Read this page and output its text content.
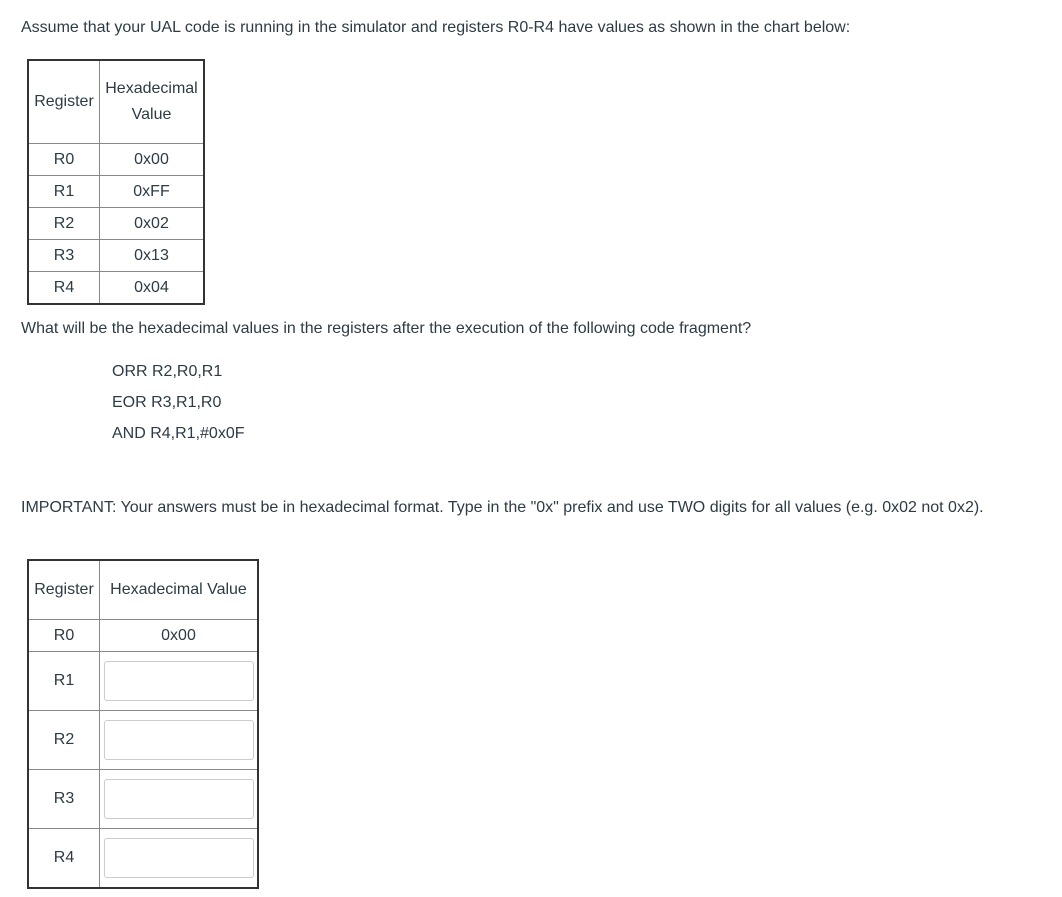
Assume that your UAL code is running in the simulator and registers R0-R4 have values as shown in the chart below:

Register	Hexadecimal Value
R0	0x00
R1	0xFF
R2	0x02
R3	0x13
R4	0x04

What will be the hexadecimal values in the registers after the execution of the following code fragment?

ORR R2,R0,R1
EOR R3,R1,R0
AND R4,R1,#0x0F

IMPORTANT: Your answers must be in hexadecimal format. Type in the "0x" prefix and use TWO digits for all values (e.g. 0x02 not 0x2).

Register	Hexadecimal Value
R0	0x00
R1	
R2	
R3	
R4	
